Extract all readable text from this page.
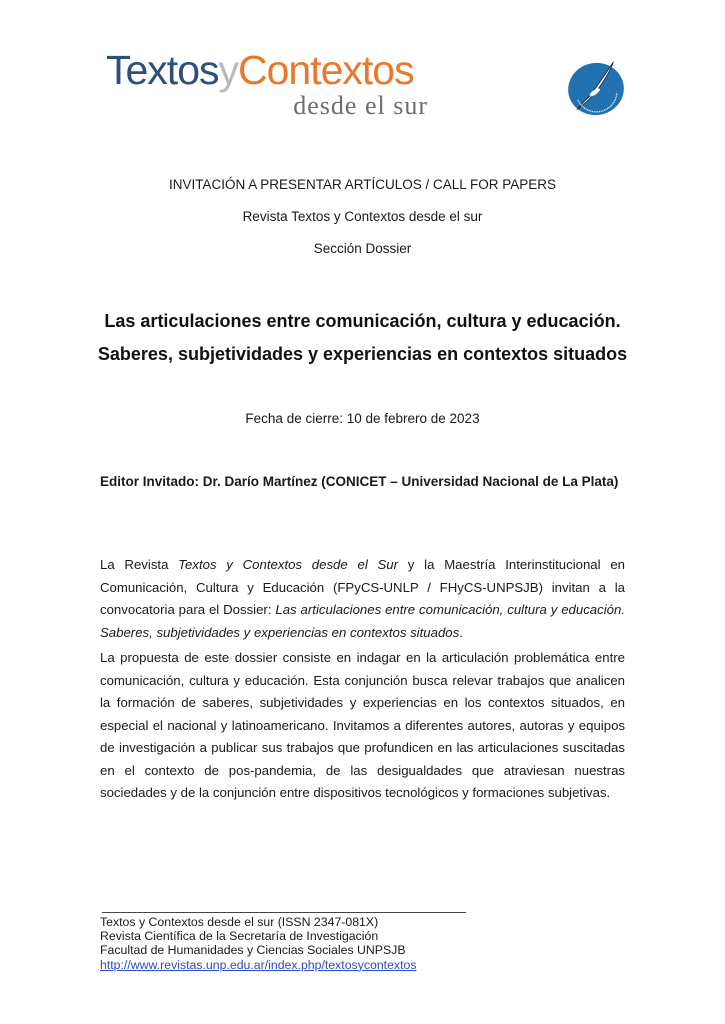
TextosyContextos
desde el sur
INVITACIÓN A PRESENTAR ARTÍCULOS / CALL FOR PAPERS
Revista Textos y Contextos desde el sur
Sección Dossier
Las articulaciones entre comunicación, cultura y educación. Saberes, subjetividades y experiencias en contextos situados
Fecha de cierre: 10 de febrero de 2023
Editor Invitado: Dr. Darío Martínez (CONICET – Universidad Nacional de La Plata)

La Revista Textos y Contextos desde el Sur y la Maestría Interinstitucional en Comunicación, Cultura y Educación (FPyCS-UNLP / FHyCS-UNPSJB) invitan a la convocatoria para el Dossier: Las articulaciones entre comunicación, cultura y educación. Saberes, subjetividades y experiencias en contextos situados.

La propuesta de este dossier consiste en indagar en la articulación problemática entre comunicación, cultura y educación. Esta conjunción busca relevar trabajos que analicen la formación de saberes, subjetividades y experiencias en los contextos situados, en especial el nacional y latinoamericano. Invitamos a diferentes autores, autoras y equipos de investigación a publicar sus trabajos que profundicen en las articulaciones suscitadas en el contexto de pos-pandemia, de las desigualdades que atraviesan nuestras sociedades y de la conjunción entre dispositivos tecnológicos y formaciones subjetivas.

Textos y Contextos desde el sur (ISSN 2347-081X)
Revista Científica de la Secretaría de Investigación
Facultad de Humanidades y Ciencias Sociales UNPSJB
http://www.revistas.unp.edu.ar/index.php/textosycontextos
